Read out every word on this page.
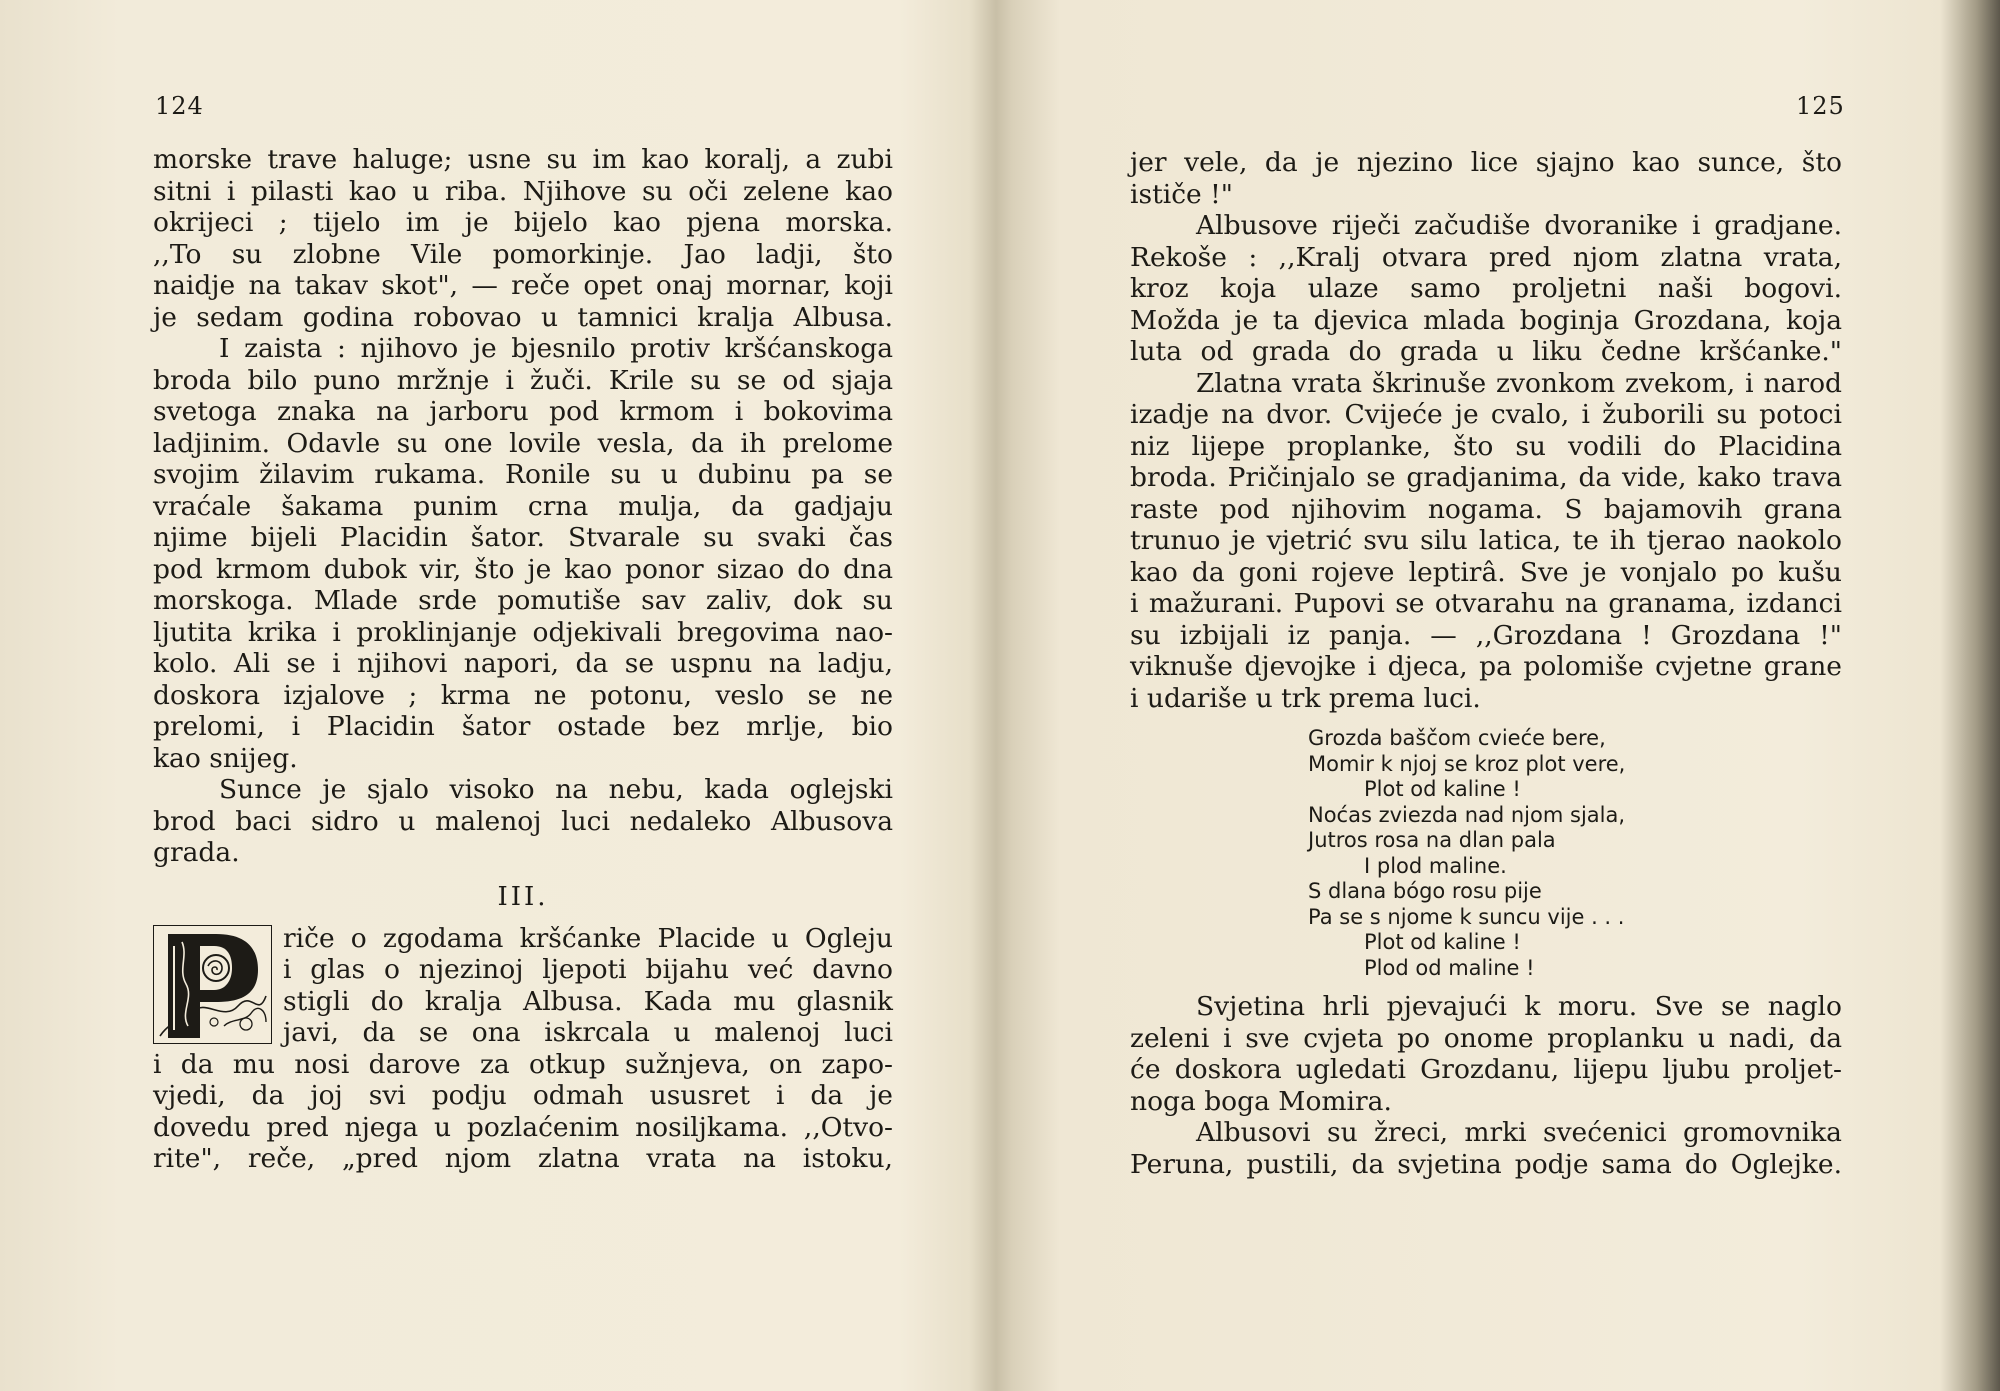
124
morske trave haluge; usne su im kao koralj, a zubi
sitni i pilasti kao u riba. Njihove su oči zelene kao
okrijeci ; tijelo im je bijelo kao pjena morska.
,,To su zlobne Vile pomorkinje. Jao ladji, što
naidje na takav skot", — reče opet onaj mornar, koji
je sedam godina robovao u tamnici kralja Albusa.
I zaista : njihovo je bjesnilo protiv kršćanskoga
broda bilo puno mržnje i žuči. Krile su se od sjaja
svetoga znaka na jarboru pod krmom i bokovima
ladjinim. Odavle su one lovile vesla, da ih prelome
svojim žilavim rukama. Ronile su u dubinu pa se
vraćale šakama punim crna mulja, da gadjaju
njime bijeli Placidin šator. Stvarale su svaki čas
pod krmom dubok vir, što je kao ponor sizao do dna
morskoga. Mlade srde pomutiše sav zaliv, dok su
ljutita krika i proklinjanje odjekivali bregovima nao-
kolo. Ali se i njihovi napori, da se uspnu na ladju,
doskora izjalove ; krma ne potonu, veslo se ne
prelomi, i Placidin šator ostade bez mrlje, bio
kao snijeg.
Sunce je sjalo visoko na nebu, kada oglejski
brod baci sidro u malenoj luci nedaleko Albusova
grada.
III.
riče o zgodama kršćanke Placide u Ogleju
i glas o njezinoj ljepoti bijahu već davno
stigli do kralja Albusa. Kada mu glasnik
javi, da se ona iskrcala u malenoj luci
i da mu nosi darove za otkup sužnjeva, on zapo-
vjedi, da joj svi podju odmah ususret i da je
dovedu pred njega u pozlaćenim nosiljkama. ,,Otvo-
rite", reče, „pred njom zlatna vrata na istoku,
125
jer vele, da je njezino lice sjajno kao sunce, što
ističe !"
Albusove riječi začudiše dvoranike i gradjane.
Rekoše : ,,Kralj otvara pred njom zlatna vrata,
kroz koja ulaze samo proljetni naši bogovi.
Možda je ta djevica mlada boginja Grozdana, koja
luta od grada do grada u liku čedne kršćanke."
Zlatna vrata škrinuše zvonkom zvekom, i narod
izadje na dvor. Cvijeće je cvalo, i žuborili su potoci
niz lijepe proplanke, što su vodili do Placidina
broda. Pričinjalo se gradjanima, da vide, kako trava
raste pod njihovim nogama. S bajamovih grana
trunuo je vjetrić svu silu latica, te ih tjerao naokolo
kao da goni rojeve leptirâ. Sve je vonjalo po kušu
i mažurani. Pupovi se otvarahu na granama, izdanci
su izbijali iz panja. — ,,Grozdana ! Grozdana !"
viknuše djevojke i djeca, pa polomiše cvjetne grane
i udariše u trk prema luci.
Grozda baščom cvieće bere,
Momir k njoj se kroz plot vere,
Plot od kaline !
Noćas zviezda nad njom sjala,
Jutros rosa na dlan pala
I plod maline.
S dlana bógo rosu pije
Pa se s njome k suncu vije . . .
Plot od kaline !
Plod od maline !
Svjetina hrli pjevajući k moru. Sve se naglo
zeleni i sve cvjeta po onome proplanku u nadi, da
će doskora ugledati Grozdanu, lijepu ljubu proljet-
noga boga Momira.
Albusovi su žreci, mrki svećenici gromovnika
Peruna, pustili, da svjetina podje sama do Oglejke.
